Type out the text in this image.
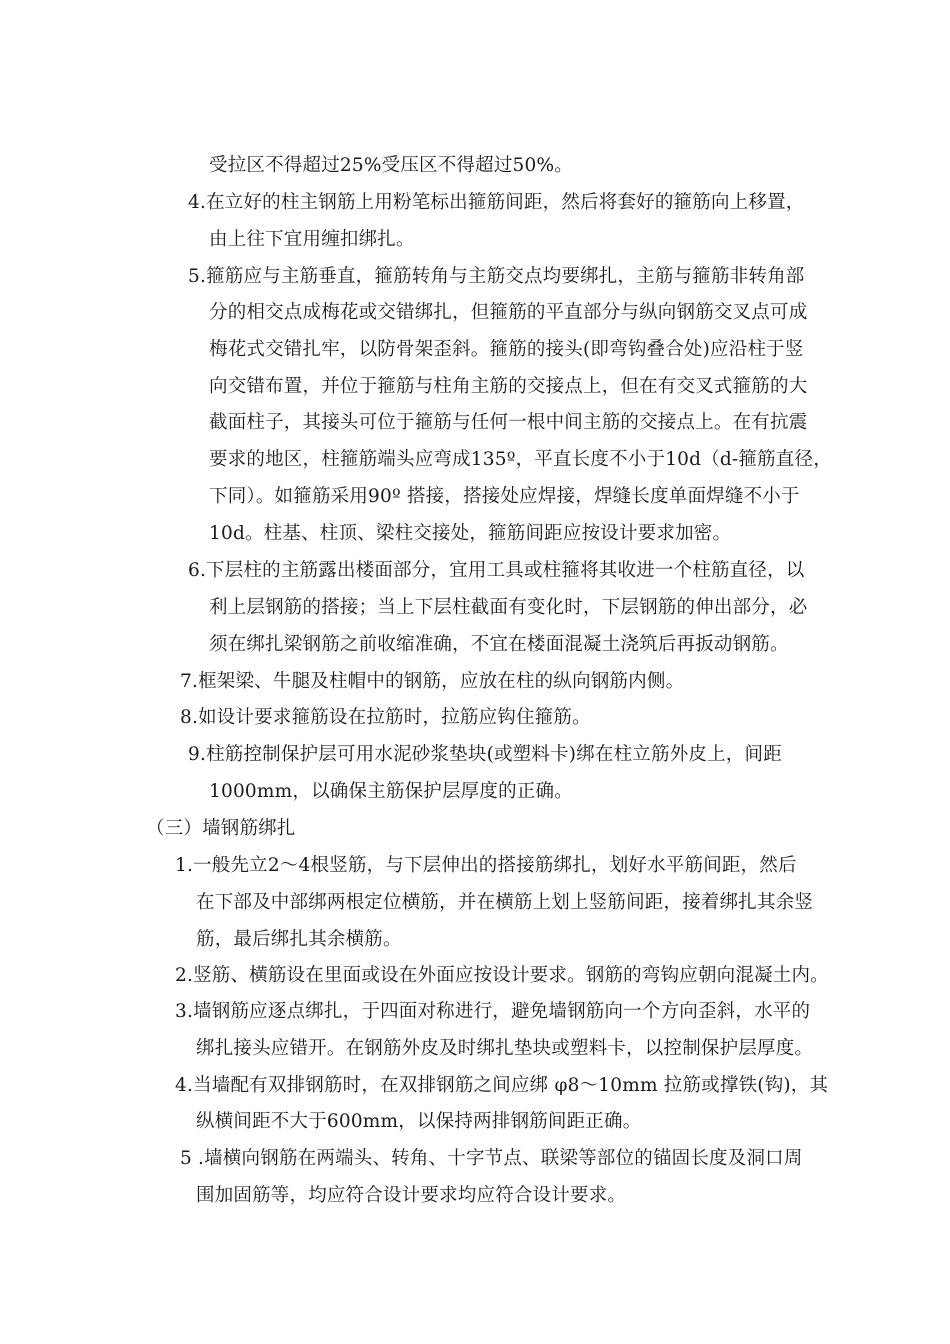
受拉区不得超过25%受压区不得超过50%。
4.在立好的柱主钢筋上用粉笔标出箍筋间距，然后将套好的箍筋向上移置，
由上往下宜用缠扣绑扎。
5.箍筋应与主筋垂直，箍筋转角与主筋交点均要绑扎，主筋与箍筋非转角部
分的相交点成梅花或交错绑扎，但箍筋的平直部分与纵向钢筋交叉点可成
梅花式交错扎牢，以防骨架歪斜。箍筋的接头(即弯钩叠合处)应沿柱于竖
向交错布置，并位于箍筋与柱角主筋的交接点上，但在有交叉式箍筋的大
截面柱子，其接头可位于箍筋与任何一根中间主筋的交接点上。在有抗震
要求的地区，柱箍筋端头应弯成135º，平直长度不小于10d（d-箍筋直径，
下同）。如箍筋采用90º 搭接，搭接处应焊接，焊缝长度单面焊缝不小于
10d。柱基、柱顶、梁柱交接处，箍筋间距应按设计要求加密。
6.下层柱的主筋露出楼面部分，宜用工具或柱箍将其收进一个柱筋直径，以
利上层钢筋的搭接；当上下层柱截面有变化时，下层钢筋的伸出部分，必
须在绑扎梁钢筋之前收缩准确，不宜在楼面混凝土浇筑后再扳动钢筋。
7.框架梁、牛腿及柱帽中的钢筋，应放在柱的纵向钢筋内侧。
8.如设计要求箍筋设在拉筋时，拉筋应钩住箍筋。
9.柱筋控制保护层可用水泥砂浆垫块(或塑料卡)绑在柱立筋外皮上，间距
1000mm，以确保主筋保护层厚度的正确。
（三）墙钢筋绑扎
1.一般先立2～4根竖筋，与下层伸出的搭接筋绑扎，划好水平筋间距，然后
在下部及中部绑两根定位横筋，并在横筋上划上竖筋间距，接着绑扎其余竖
筋，最后绑扎其余横筋。
2.竖筋、横筋设在里面或设在外面应按设计要求。钢筋的弯钩应朝向混凝土内。
3.墙钢筋应逐点绑扎，于四面对称进行，避免墙钢筋向一个方向歪斜，水平的
绑扎接头应错开。在钢筋外皮及时绑扎垫块或塑料卡，以控制保护层厚度。
4.当墙配有双排钢筋时，在双排钢筋之间应绑 φ8～10mm 拉筋或撑铁(钩)，其
纵横间距不大于600mm，以保持两排钢筋间距正确。
5 .墙横向钢筋在两端头、转角、十字节点、联梁等部位的锚固长度及洞口周
围加固筋等，均应符合设计要求均应符合设计要求。
